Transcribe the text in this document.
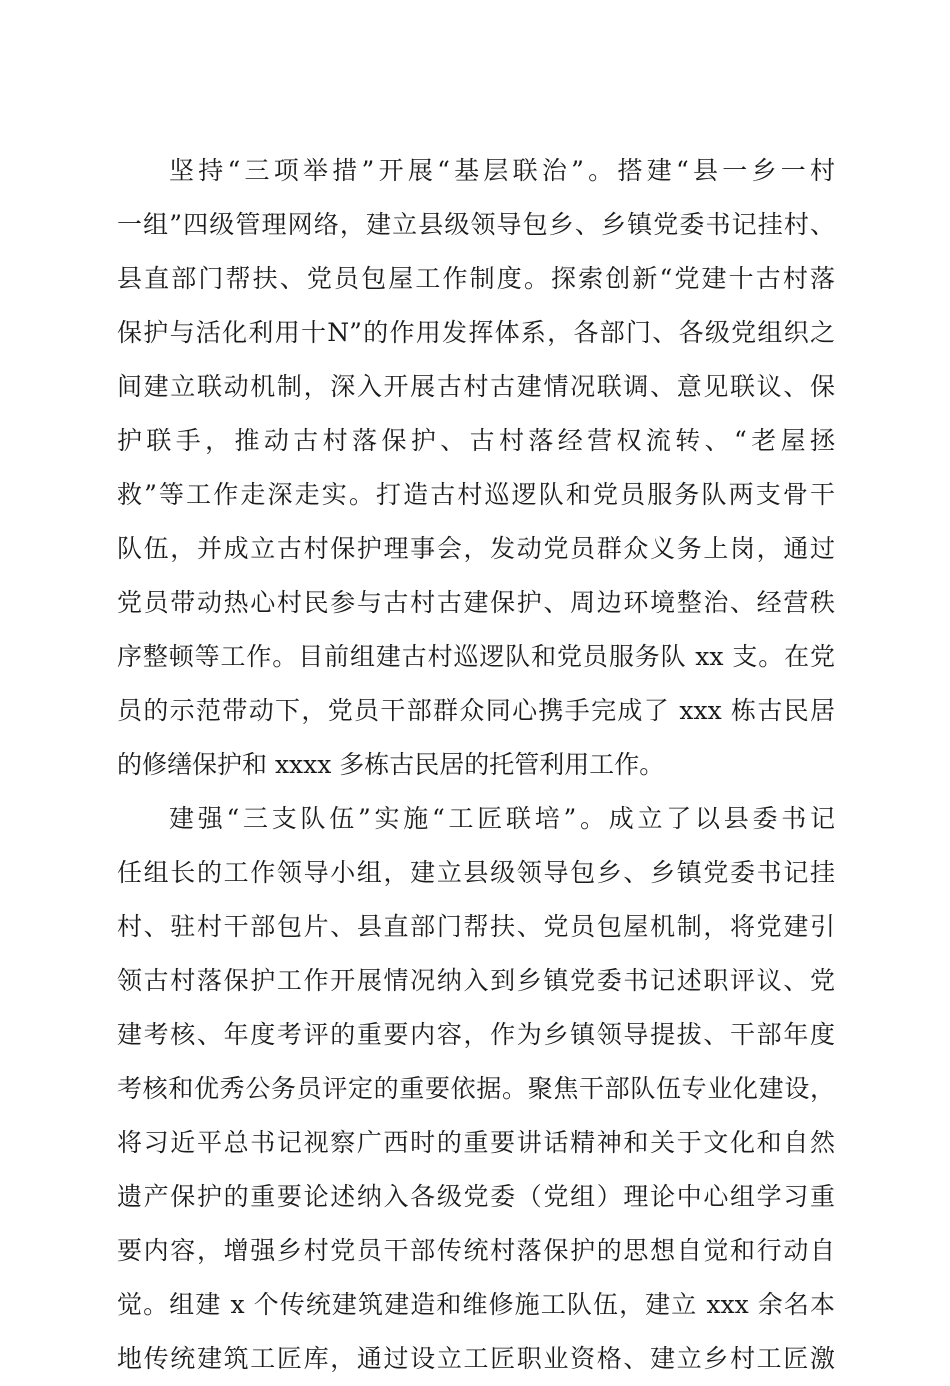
坚持“三项举措”开展“基层联治”。搭建“县一乡一村
一组”四级管理网络，建立县级领导包乡、乡镇党委书记挂村、
县直部门帮扶、党员包屋工作制度。探索创新“党建十古村落
保护与活化利用十N”的作用发挥体系，各部门、各级党组织之
间建立联动机制，深入开展古村古建情况联调、意见联议、保
护联手，推动古村落保护、古村落经营权流转、“老屋拯
救”等工作走深走实。打造古村巡逻队和党员服务队两支骨干
队伍，并成立古村保护理事会，发动党员群众义务上岗，通过
党员带动热心村民参与古村古建保护、周边环境整治、经营秩
序整顿等工作。目前组建古村巡逻队和党员服务队 xx 支。在党
员的示范带动下，党员干部群众同心携手完成了 xxx 栋古民居
的修缮保护和 xxxx 多栋古民居的托管利用工作。
建强“三支队伍”实施“工匠联培”。成立了以县委书记
任组长的工作领导小组，建立县级领导包乡、乡镇党委书记挂
村、驻村干部包片、县直部门帮扶、党员包屋机制，将党建引
领古村落保护工作开展情况纳入到乡镇党委书记述职评议、党
建考核、年度考评的重要内容，作为乡镇领导提拔、干部年度
考核和优秀公务员评定的重要依据。聚焦干部队伍专业化建设，
将习近平总书记视察广西时的重要讲话精神和关于文化和自然
遗产保护的重要论述纳入各级党委（党组）理论中心组学习重
要内容，增强乡村党员干部传统村落保护的思想自觉和行动自
觉。组建 x 个传统建筑建造和维修施工队伍，建立 xxx 余名本
地传统建筑工匠库，通过设立工匠职业资格、建立乡村工匠激
